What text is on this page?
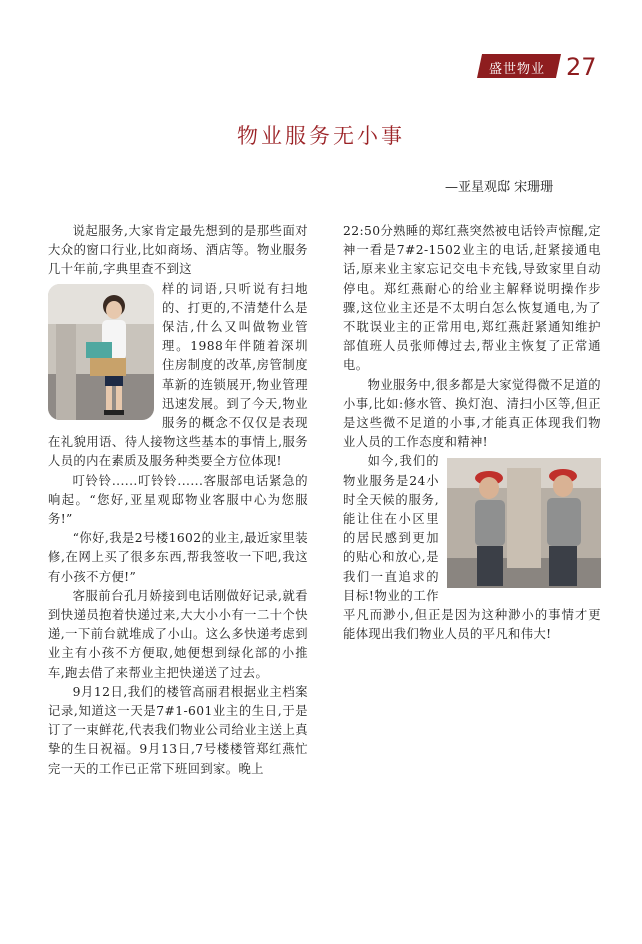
盛世物业 27
物业服务无小事
—亚星观邸 宋珊珊

说起服务,大家肯定最先想到的是那些面对大众的窗口行业,比如商场、酒店等。物业服务几十年前,字典里查不到这

样的词语,只听说有扫地的、打更的,不清楚什么是保洁,什么又叫做物业管理。1988年伴随着深圳住房制度的改革,房管制度革新的连锁展开,物业管理迅速发展。到了今天,物业服务的概念不仅仅是表现在礼貌用语、待人接物这些基本的事情上,服务人员的内在素质及服务种类要全方位体现!

叮铃铃......叮铃铃......客服部电话紧急的响起。“您好,亚星观邸物业客服中心为您服务!”

“你好,我是2号楼1602的业主,最近家里装修,在网上买了很多东西,帮我签收一下吧,我这有小孩不方便!”

客服前台孔月娇接到电话刚做好记录,就看到快递员抱着快递过来,大大小小有一二十个快递,一下前台就堆成了小山。这么多快递考虑到业主有小孩不方便取,她便想到绿化部的小推车,跑去借了来帮业主把快递送了过去。

9月12日,我们的楼管高丽君根据业主档案记录,知道这一天是7#1-601业主的生日,于是订了一束鲜花,代表我们物业公司给业主送上真挚的生日祝福。9月13日,7号楼楼管郑红燕忙完一天的工作已正常下班回到家。晚上

22:50分熟睡的郑红燕突然被电话铃声惊醒,定神一看是7#2-1502业主的电话,赶紧接通电话,原来业主家忘记交电卡充钱,导致家里自动停电。郑红燕耐心的给业主解释说明操作步骤,这位业主还是不太明白怎么恢复通电,为了不耽误业主的正常用电,郑红燕赶紧通知维护部值班人员张师傅过去,帮业主恢复了正常通电。

物业服务中,很多都是大家觉得微不足道的小事,比如:修水管、换灯泡、清扫小区等,但正是这些微不足道的小事,才能真正体现我们物业人员的工作态度和精神!

如今,我们的物业服务是24小时全天候的服务,能让住在小区里的居民感到更加的贴心和放心,是我们一直追求的目标!物业的工作平凡而渺小,但正是因为这种渺小的事情才更能体现出我们物业人员的平凡和伟大!
